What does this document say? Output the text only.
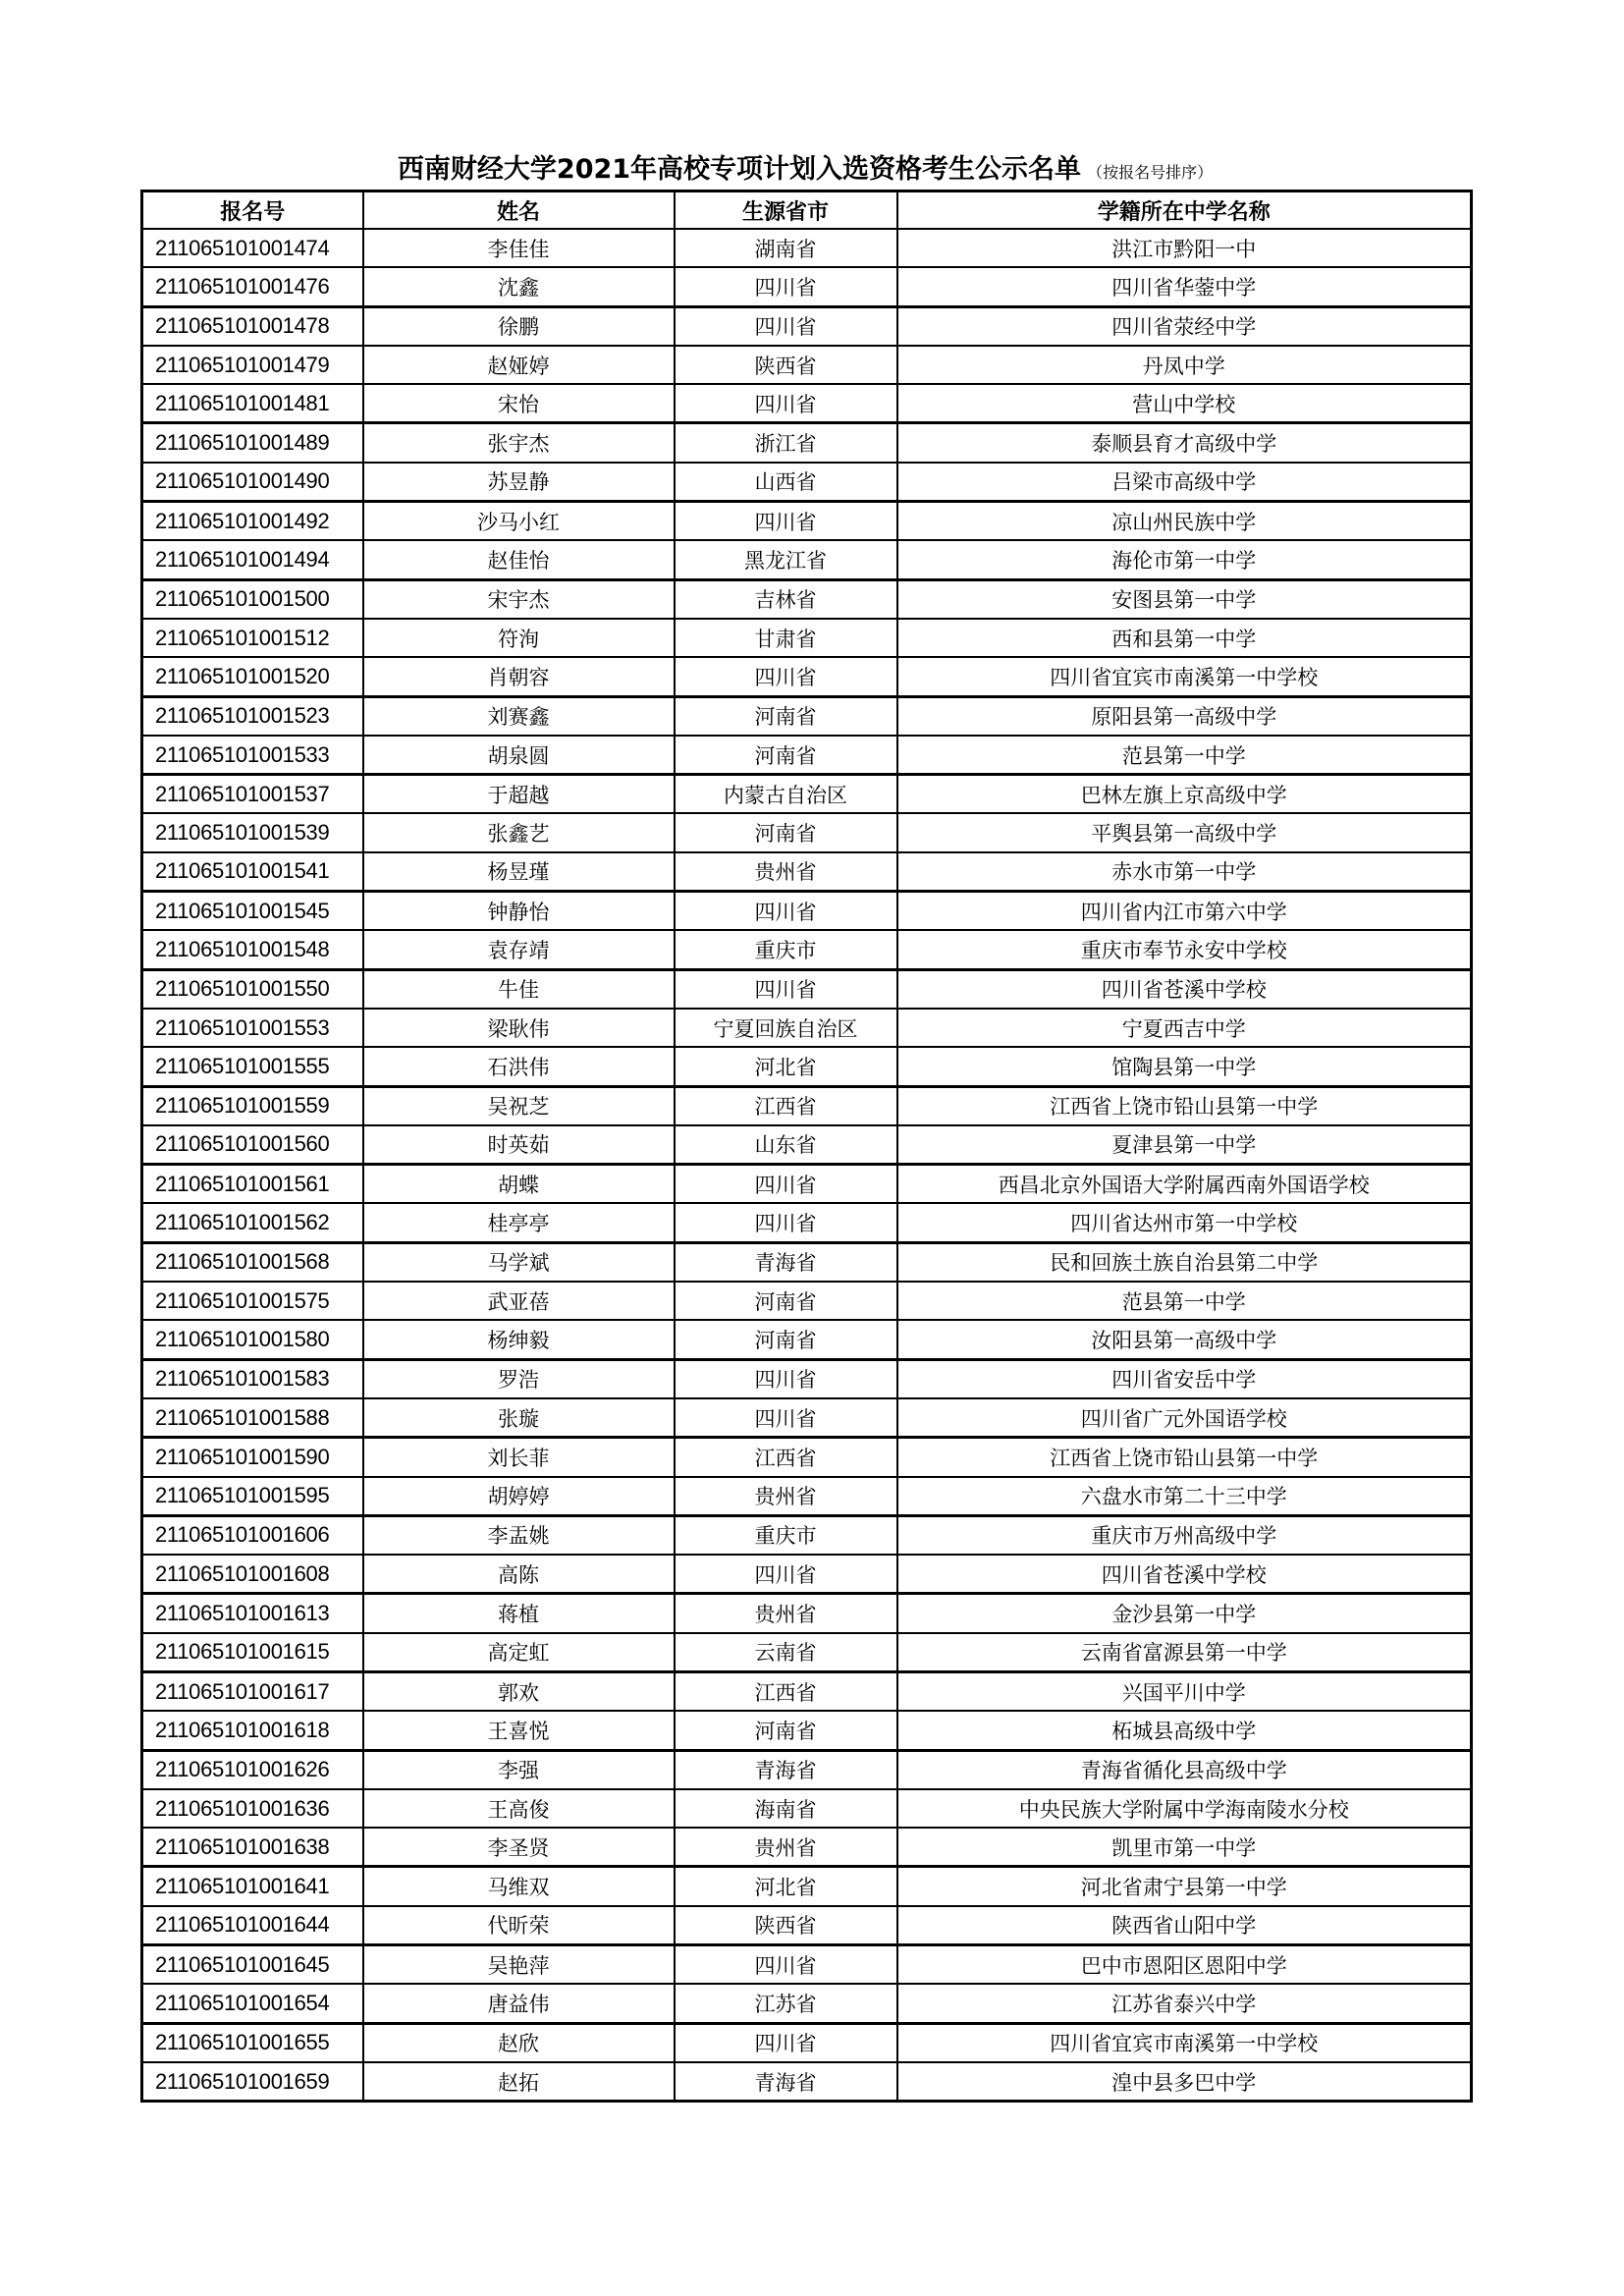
西南财经大学2021年高校专项计划入选资格考生公示名单 （按报名号排序）
报名号	姓名	生源省市	学籍所在中学名称
211065101001474	李佳佳	湖南省	洪江市黔阳一中
211065101001476	沈鑫	四川省	四川省华蓥中学
211065101001478	徐鹏	四川省	四川省荥经中学
211065101001479	赵娅婷	陕西省	丹凤中学
211065101001481	宋怡	四川省	营山中学校
211065101001489	张宇杰	浙江省	泰顺县育才高级中学
211065101001490	苏昱静	山西省	吕梁市高级中学
211065101001492	沙马小红	四川省	凉山州民族中学
211065101001494	赵佳怡	黑龙江省	海伦市第一中学
211065101001500	宋宇杰	吉林省	安图县第一中学
211065101001512	符洵	甘肃省	西和县第一中学
211065101001520	肖朝容	四川省	四川省宜宾市南溪第一中学校
211065101001523	刘赛鑫	河南省	原阳县第一高级中学
211065101001533	胡泉圆	河南省	范县第一中学
211065101001537	于超越	内蒙古自治区	巴林左旗上京高级中学
211065101001539	张鑫艺	河南省	平舆县第一高级中学
211065101001541	杨昱瑾	贵州省	赤水市第一中学
211065101001545	钟静怡	四川省	四川省内江市第六中学
211065101001548	袁存靖	重庆市	重庆市奉节永安中学校
211065101001550	牛佳	四川省	四川省苍溪中学校
211065101001553	梁耿伟	宁夏回族自治区	宁夏西吉中学
211065101001555	石洪伟	河北省	馆陶县第一中学
211065101001559	吴祝芝	江西省	江西省上饶市铅山县第一中学
211065101001560	时英茹	山东省	夏津县第一中学
211065101001561	胡蝶	四川省	西昌北京外国语大学附属西南外国语学校
211065101001562	桂亭亭	四川省	四川省达州市第一中学校
211065101001568	马学斌	青海省	民和回族土族自治县第二中学
211065101001575	武亚蓓	河南省	范县第一中学
211065101001580	杨绅毅	河南省	汝阳县第一高级中学
211065101001583	罗浩	四川省	四川省安岳中学
211065101001588	张璇	四川省	四川省广元外国语学校
211065101001590	刘长菲	江西省	江西省上饶市铅山县第一中学
211065101001595	胡婷婷	贵州省	六盘水市第二十三中学
211065101001606	李盂姚	重庆市	重庆市万州高级中学
211065101001608	高陈	四川省	四川省苍溪中学校
211065101001613	蒋植	贵州省	金沙县第一中学
211065101001615	高定虹	云南省	云南省富源县第一中学
211065101001617	郭欢	江西省	兴国平川中学
211065101001618	王喜悦	河南省	柘城县高级中学
211065101001626	李强	青海省	青海省循化县高级中学
211065101001636	王高俊	海南省	中央民族大学附属中学海南陵水分校
211065101001638	李圣贤	贵州省	凯里市第一中学
211065101001641	马维双	河北省	河北省肃宁县第一中学
211065101001644	代昕荣	陕西省	陕西省山阳中学
211065101001645	吴艳萍	四川省	巴中市恩阳区恩阳中学
211065101001654	唐益伟	江苏省	江苏省泰兴中学
211065101001655	赵欣	四川省	四川省宜宾市南溪第一中学校
211065101001659	赵拓	青海省	湟中县多巴中学
